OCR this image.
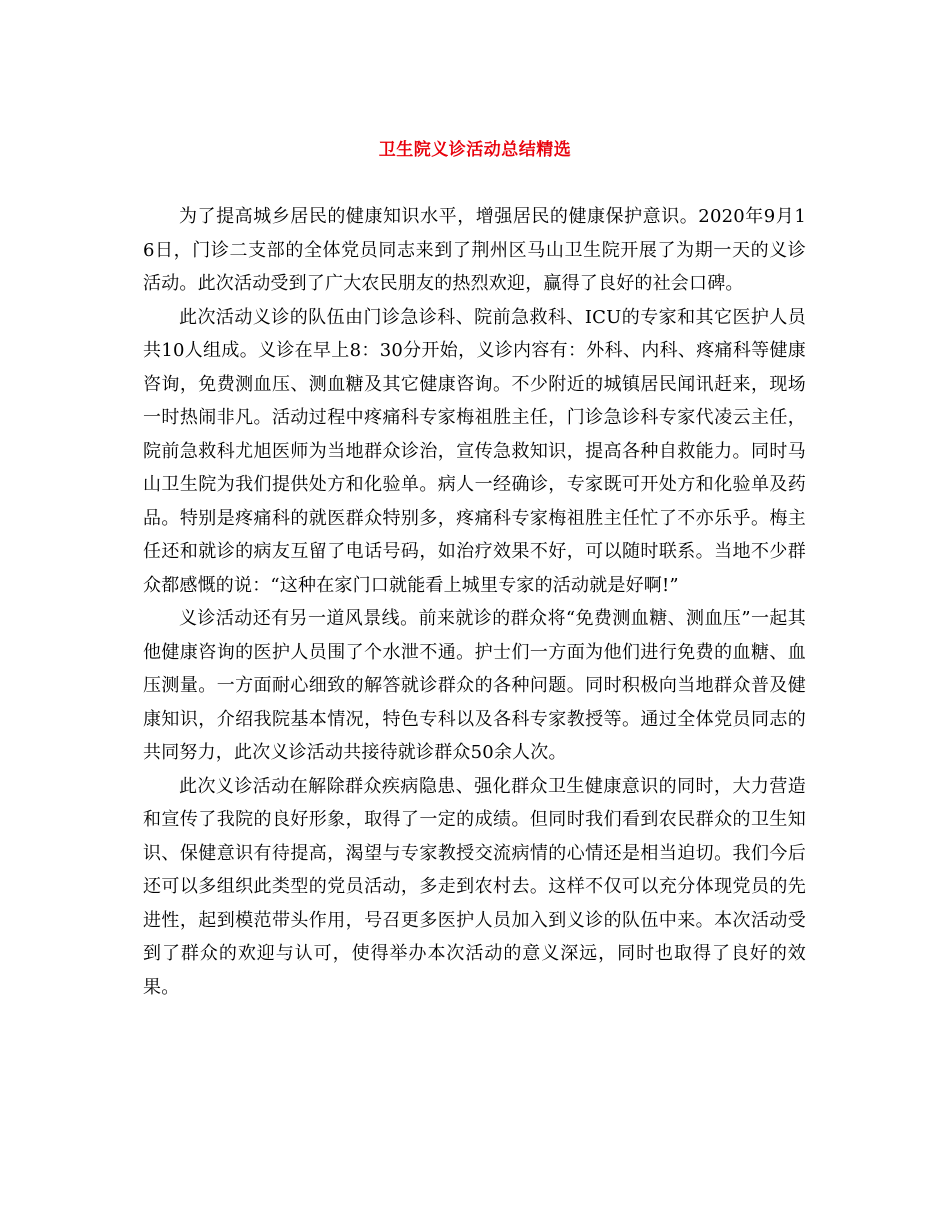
卫生院义诊活动总结精选

为了提高城乡居民的健康知识水平，增强居民的健康保护意识。2020年9月16日，门诊二支部的全体党员同志来到了荆州区马山卫生院开展了为期一天的义诊活动。此次活动受到了广大农民朋友的热烈欢迎，赢得了良好的社会口碑。

此次活动义诊的队伍由门诊急诊科、院前急救科、ICU的专家和其它医护人员共10人组成。义诊在早上8：30分开始，义诊内容有：外科、内科、疼痛科等健康咨询，免费测血压、测血糖及其它健康咨询。不少附近的城镇居民闻讯赶来，现场一时热闹非凡。活动过程中疼痛科专家梅祖胜主任，门诊急诊科专家代凌云主任，院前急救科尤旭医师为当地群众诊治，宣传急救知识，提高各种自救能力。同时马山卫生院为我们提供处方和化验单。病人一经确诊，专家既可开处方和化验单及药品。特别是疼痛科的就医群众特别多，疼痛科专家梅祖胜主任忙了不亦乐乎。梅主任还和就诊的病友互留了电话号码，如治疗效果不好，可以随时联系。当地不少群众都感慨的说：“这种在家门口就能看上城里专家的活动就是好啊!”

义诊活动还有另一道风景线。前来就诊的群众将“免费测血糖、测血压”一起其他健康咨询的医护人员围了个水泄不通。护士们一方面为他们进行免费的血糖、血压测量。一方面耐心细致的解答就诊群众的各种问题。同时积极向当地群众普及健康知识，介绍我院基本情况，特色专科以及各科专家教授等。通过全体党员同志的共同努力，此次义诊活动共接待就诊群众50余人次。

此次义诊活动在解除群众疾病隐患、强化群众卫生健康意识的同时，大力营造和宣传了我院的良好形象，取得了一定的成绩。但同时我们看到农民群众的卫生知识、保健意识有待提高，渴望与专家教授交流病情的心情还是相当迫切。我们今后还可以多组织此类型的党员活动，多走到农村去。这样不仅可以充分体现党员的先进性，起到模范带头作用，号召更多医护人员加入到义诊的队伍中来。本次活动受到了群众的欢迎与认可，使得举办本次活动的意义深远，同时也取得了良好的效果。
